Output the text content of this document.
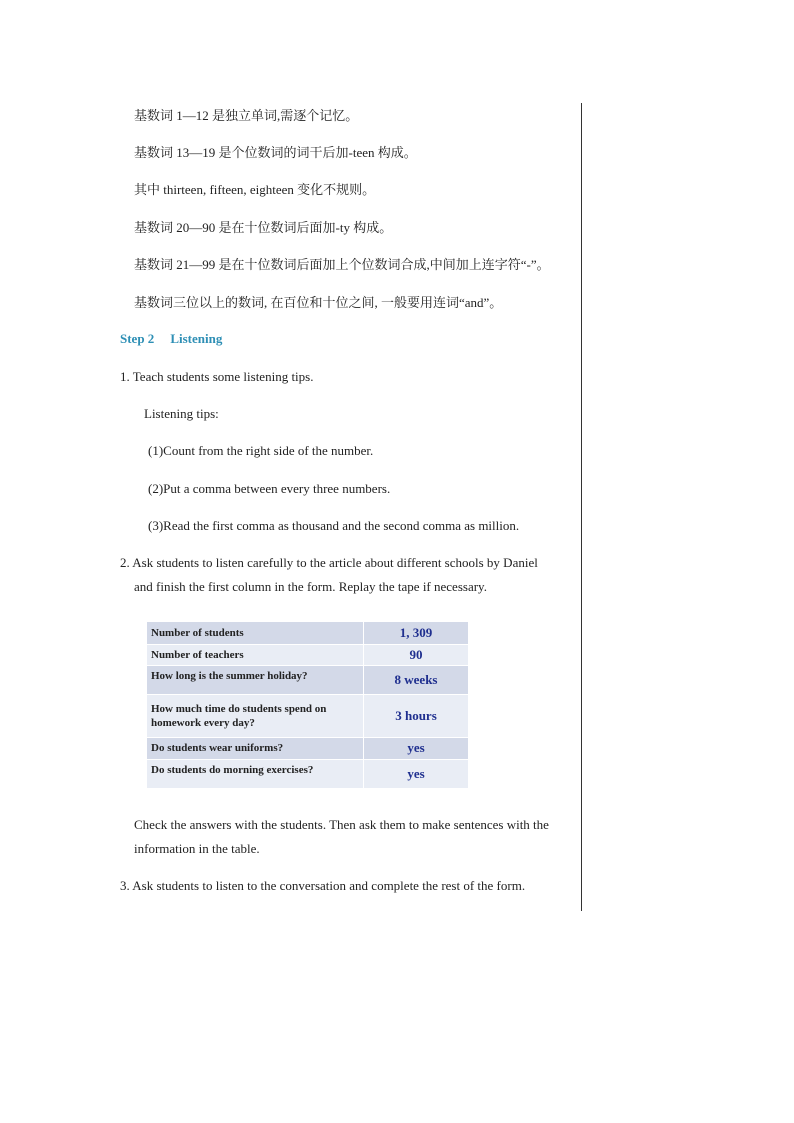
基数词 1—12 是独立单词,需逐个记忆。
基数词 13—19 是个位数词的词干后加-teen 构成。
其中 thirteen, fifteen, eighteen 变化不规则。
基数词 20—90 是在十位数词后面加-ty 构成。
基数词 21—99 是在十位数词后面加上个位数词合成,中间加上连字符“-”。
基数词三位以上的数词, 在百位和十位之间, 一般要用连词“and”。
Step 2 Listening
1. Teach students some listening tips.
Listening tips:
(1)Count from the right side of the number.
(2)Put a comma between every three numbers.
(3)Read the first comma as thousand and the second comma as million.
2. Ask students to listen carefully to the article about different schools by Daniel
and finish the first column in the form. Replay the tape if necessary.
Number of students	1, 309
Number of teachers	90
How long is the summer holiday?	8 weeks
How much time do students spend on homework every day?	3 hours
Do students wear uniforms?	yes
Do students do morning exercises?	yes
Check the answers with the students. Then ask them to make sentences with the information in the table.
3. Ask students to listen to the conversation and complete the rest of the form.
